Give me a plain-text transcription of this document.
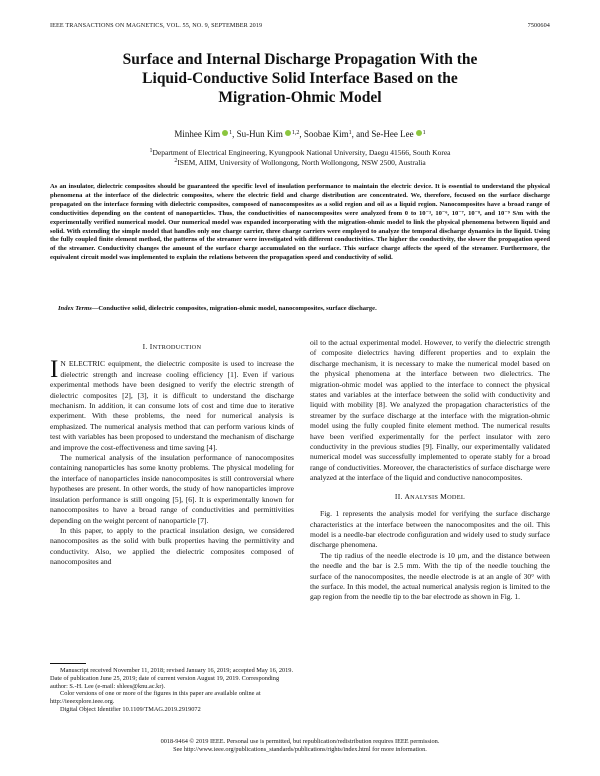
IEEE TRANSACTIONS ON MAGNETICS, VOL. 55, NO. 9, SEPTEMBER 2019	7500604
Surface and Internal Discharge Propagation With the
Liquid-Conductive Solid Interface Based on the
Migration-Ohmic Model
Minhee Kim $^1$, Su-Hun Kim $^{1,2}$, Soobae Kim$^1$, and Se-Hee Lee $^1$
$^1$Department of Electrical Engineering, Kyungpook National University, Daegu 41566, South Korea
$^2$ISEM, AIIM, University of Wollongong, North Wollongong, NSW 2500, Australia
As an insulator, dielectric composites should be guaranteed the specific level of insulation performance to maintain the electric device. It is essential to understand the physical phenomena at the interface of the dielectric composites, where the electric field and charge distribution are concentrated. We, therefore, focused on the surface discharge propagated on the interface forming with dielectric composites, composed of nanocomposites as a solid region and oil as a liquid region. Nanocomposites have a broad range of conductivities depending on the content of nanoparticles. Thus, the conductivities of nanocomposites were analyzed from 0 to 10⁻³, 10⁻⁶, 10⁻⁷, 10⁻⁸, and 10⁻⁹ S/m with the experimentally verified numerical model. Our numerical model was expanded incorporating with the migration-ohmic model to link the physical phenomena between liquid and solid. With extending the simple model that handles only one charge carrier, three charge carriers were employed to analyze the temporal discharge dynamics in the liquid. Using the fully coupled finite element method, the patterns of the streamer were investigated with different conductivities. The higher the conductivity, the slower the propagation speed of the streamer. Conductivity changes the amount of the surface charge accumulated on the surface. This surface charge affects the speed of the streamer. Furthermore, the equivalent circuit model was implemented to explain the relations between the propagation speed and conductivity of solid.
Index Terms—Conductive solid, dielectric composites, migration-ohmic model, nanocomposites, surface discharge.
I. INTRODUCTION

I N ELECTRIC equipment, the dielectric composite is used to increase the dielectric strength and increase cooling efficiency [1]. Even if various experimental methods have been designed to verify the electric strength of dielectric composites [2], [3], it is difficult to understand the discharge mechanism. In addition, it can consume lots of cost and time due to iterative experiment. With these problems, the need for numerical analysis is emphasized. The numerical analysis method that can perform various kinds of test with variables has been proposed to understand the mechanism of discharge and improve the cost-effectiveness and time saving [4].

The numerical analysis of the insulation performance of nanocomposites containing nanoparticles has some knotty problems. The physical modeling for the interface of nanoparticles inside nanocomposites is still controversial where hypotheses are present. In other words, the study of how nanoparticles improve insulation performance is still ongoing [5], [6]. It is experimentally known for nanocomposites to have a broad range of conductivities and permittivities depending on the weight percent of nanoparticle [7].

In this paper, to apply to the practical insulation design, we considered nanocomposites as the solid with bulk properties having the permittivity and conductivity. Also, we applied the dielectric composites composed of nanocomposites and

Manuscript received November 11, 2018; revised January 16, 2019; accepted May 16, 2019. Date of publication June 25, 2019; date of current version August 19, 2019. Corresponding author: S.-H. Lee (e-mail: shlees@knu.ac.kr).

Color versions of one or more of the figures in this paper are available online at http://ieeexplore.ieee.org.

Digital Object Identifier 10.1109/TMAG.2019.2919072

oil to the actual experimental model. However, to verify the dielectric strength of composite dielectrics having different properties and to explain the discharge mechanism, it is necessary to make the numerical model based on the physical phenomena at the interface between two dielectrics. The migration-ohmic model was applied to the interface to connect the physical states and variables at the interface between the solid with conductivity and liquid with mobility [8]. We analyzed the propagation characteristics of the streamer by the surface discharge at the interface with the migration-ohmic model using the fully coupled finite element method. The numerical results have been verified experimentally for the perfect insulator with zero conductivity in the previous studies [9]. Finally, our experimentally validated numerical model was successfully implemented to operate stably for a broad range of conductivities. Moreover, the characteristics of surface discharge were analyzed at the interface of the liquid and conductive nanocomposites.

II. ANALYSIS MODEL

Fig. 1 represents the analysis model for verifying the surface discharge characteristics at the interface between the nanocomposites and the oil. This model is a needle-bar electrode configuration and widely used to study surface discharge phenomena.

The tip radius of the needle electrode is 10 μm, and the distance between the needle and the bar is 2.5 mm. With the tip of the needle touching the surface of the nanocomposites, the needle electrode is at an angle of 30° with the surface. In this model, the actual numerical analysis region is limited to the gap region from the needle tip to the bar electrode as shown in Fig. 1.

0018-9464 © 2019 IEEE. Personal use is permitted, but republication/redistribution requires IEEE permission.
See http://www.ieee.org/publications_standards/publications/rights/index.html for more information.
